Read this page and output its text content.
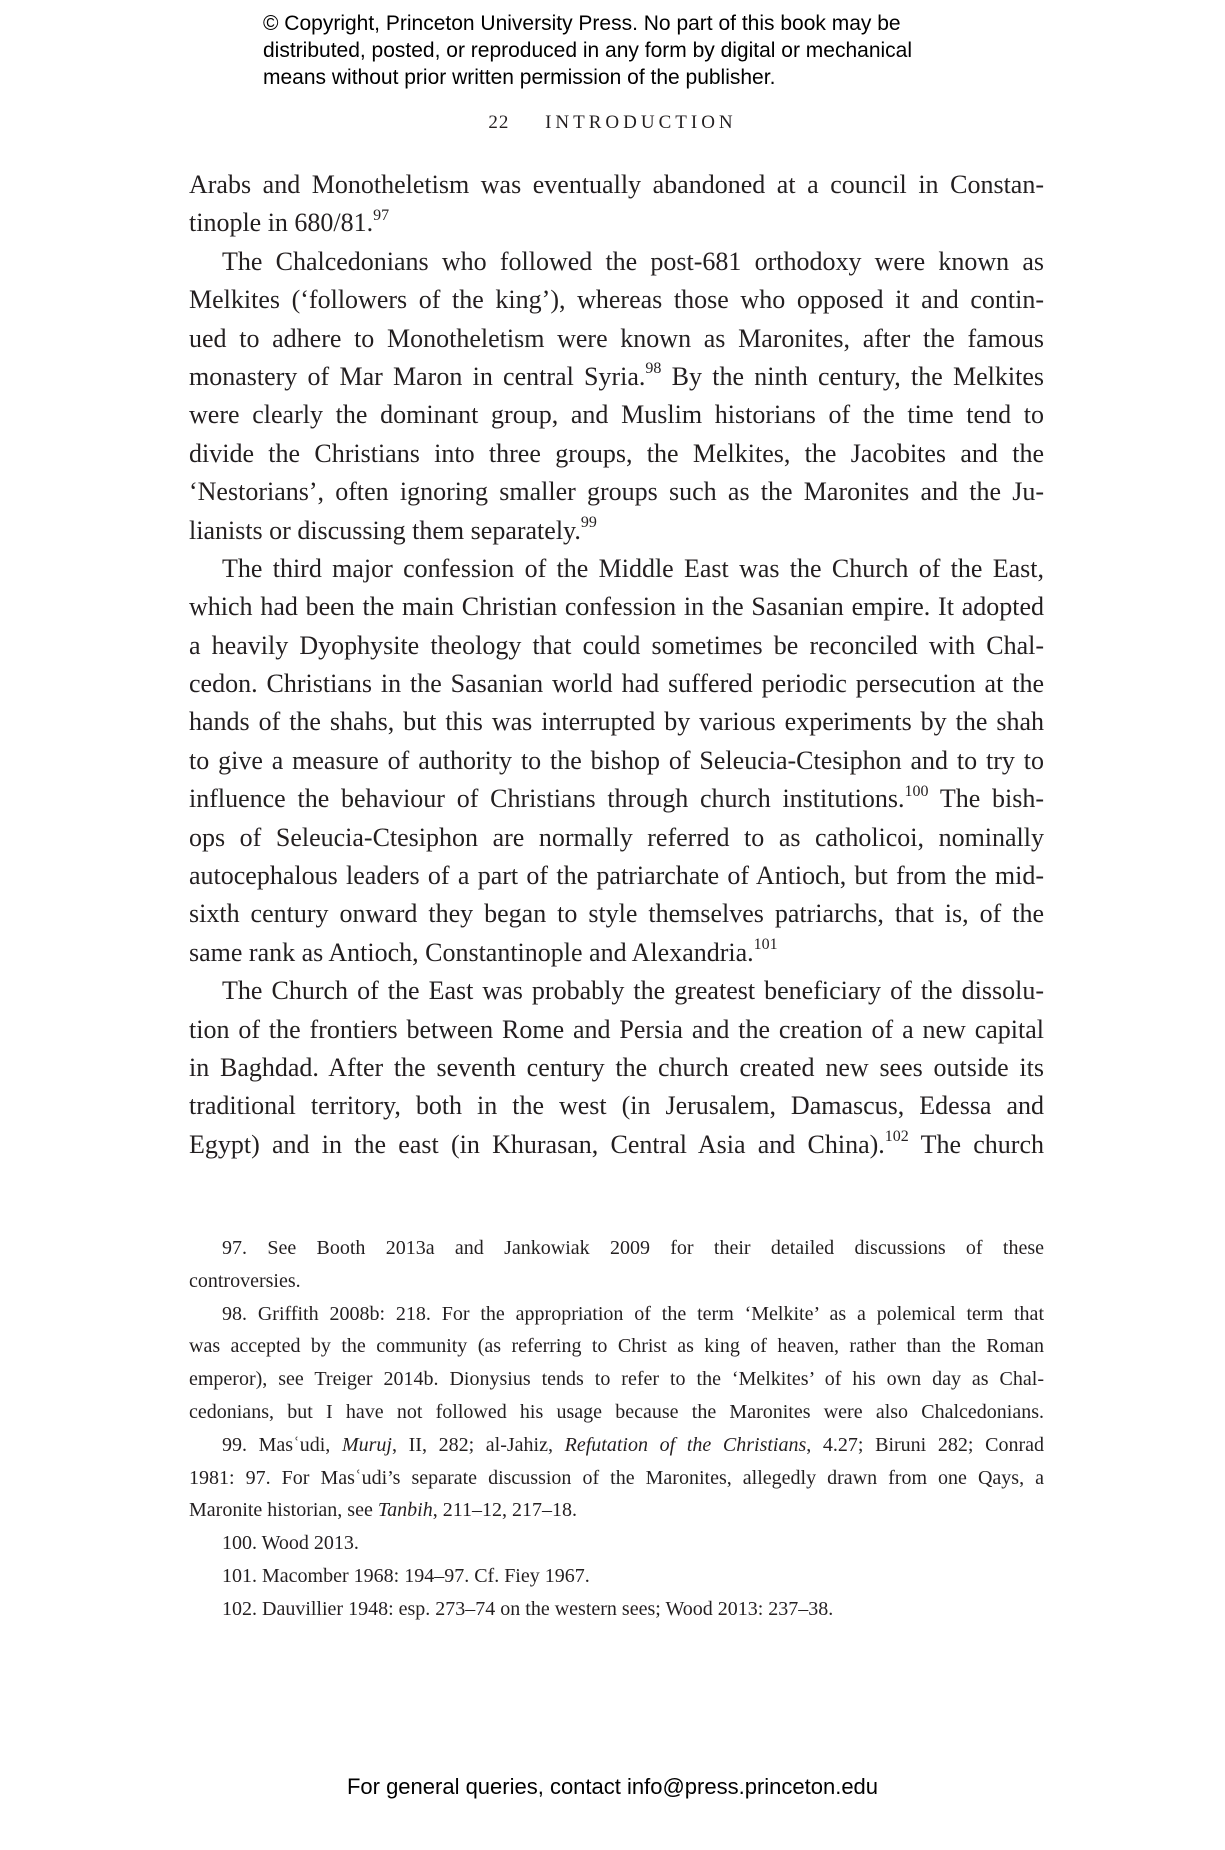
© Copyright, Princeton University Press. No part of this book may be
distributed, posted, or reproduced in any form by digital or mechanical
means without prior written permission of the publisher.
22 INTRODUCTION
Arabs and Monotheletism was eventually abandoned at a council in Constan-
tinople in 680/81.97
The Chalcedonians who followed the post-681 orthodoxy were known as
Melkites (‘followers of the king’), whereas those who opposed it and contin-
ued to adhere to Monotheletism were known as Maronites, after the famous
monastery of Mar Maron in central Syria.$^{98}$ By the ninth century, the Melkites
were clearly the dominant group, and Muslim historians of the time tend to
divide the Christians into three groups, the Melkites, the Jacobites and the
‘Nestorians’, often ignoring smaller groups such as the Maronites and the Ju-
lianists or discussing them separately.$^{99}$
The third major confession of the Middle East was the Church of the East,
which had been the main Christian confession in the Sasanian empire. It adopted
a heavily Dyophysite theology that could sometimes be reconciled with Chal-
cedon. Christians in the Sasanian world had suffered periodic persecution at the
hands of the shahs, but this was interrupted by various experiments by the shah
to give a measure of authority to the bishop of Seleucia-Ctesiphon and to try to
influence the behaviour of Christians through church institutions.$^{100}$ The bish-
ops of Seleucia-Ctesiphon are normally referred to as catholicoi, nominally
autocephalous leaders of a part of the patriarchate of Antioch, but from the mid-
sixth century onward they began to style themselves patriarchs, that is, of the
same rank as Antioch, Constantinople and Alexandria.$^{101}$
The Church of the East was probably the greatest beneficiary of the dissolu-
tion of the frontiers between Rome and Persia and the creation of a new capital
in Baghdad. After the seventh century the church created new sees outside its
traditional territory, both in the west (in Jerusalem, Damascus, Edessa and
Egypt) and in the east (in Khurasan, Central Asia and China).$^{102}$ The church
97. See Booth 2013a and Jankowiak 2009 for their detailed discussions of these
controversies.
98. Griffith 2008b: 218. For the appropriation of the term ‘Melkite’ as a polemical term that
was accepted by the community (as referring to Christ as king of heaven, rather than the Roman
emperor), see Treiger 2014b. Dionysius tends to refer to the ‘Melkites’ of his own day as Chal-
cedonians, but I have not followed his usage because the Maronites were also Chalcedonians.
99. Masʿudi, Muruj, II, 282; al-Jahiz, Refutation of the Christians, 4.27; Biruni 282; Conrad
1981: 97. For Masʿudi’s separate discussion of the Maronites, allegedly drawn from one Qays, a
Maronite historian, see Tanbih, 211–12, 217–18.
100. Wood 2013.
101. Macomber 1968: 194–97. Cf. Fiey 1967.
102. Dauvillier 1948: esp. 273–74 on the western sees; Wood 2013: 237–38.
For general queries, contact info@press.princeton.edu
